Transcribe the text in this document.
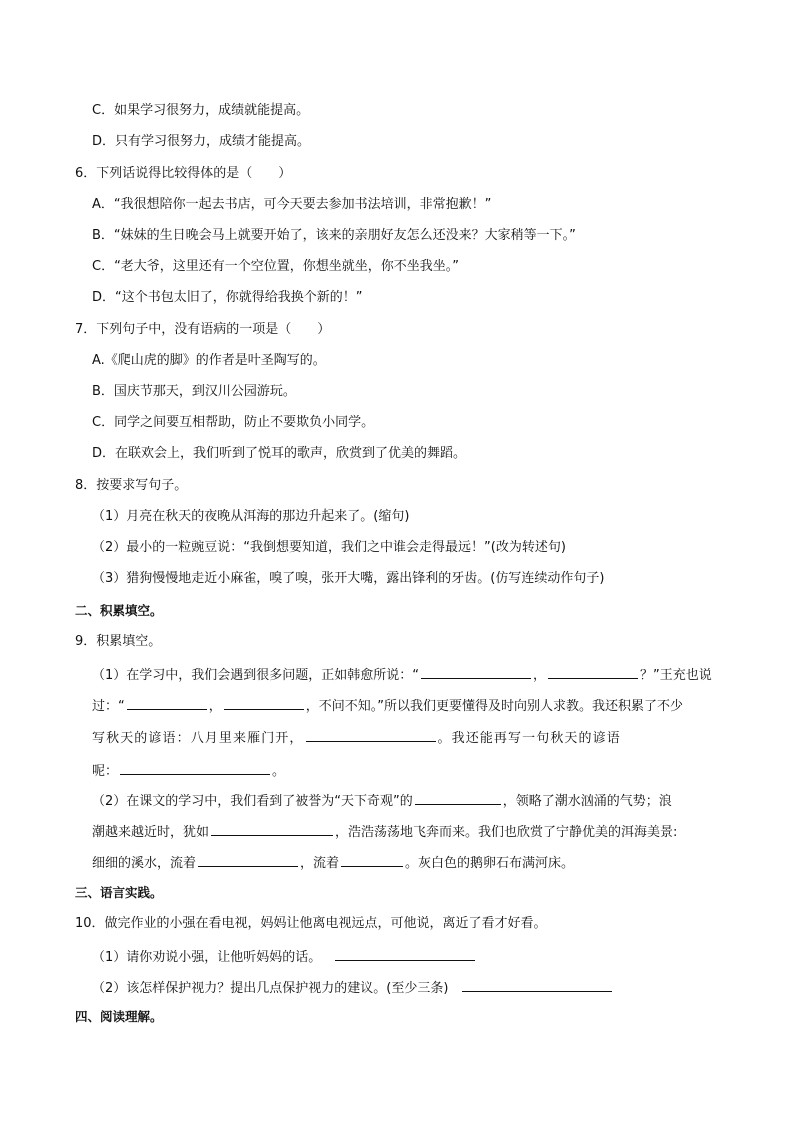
C．如果学习很努力，成绩就能提高。
D．只有学习很努力，成绩才能提高。
6．下列话说得比较得体的是（　　）
A．“我很想陪你一起去书店，可今天要去参加书法培训，非常抱歉！”
B．“妹妹的生日晚会马上就要开始了，该来的亲朋好友怎么还没来？大家稍等一下。”
C．“老大爷，这里还有一个空位置，你想坐就坐，你不坐我坐。”
D．“这个书包太旧了，你就得给我换个新的！”
7．下列句子中，没有语病的一项是（　　）
A.《爬山虎的脚》的作者是叶圣陶写的。
B．国庆节那天，到汉川公园游玩。
C．同学之间要互相帮助，防止不要欺负小同学。
D．在联欢会上，我们听到了悦耳的歌声，欣赏到了优美的舞蹈。
8．按要求写句子。
（1）月亮在秋天的夜晚从洱海的那边升起来了。(缩句)
（2）最小的一粒豌豆说：“我倒想要知道，我们之中谁会走得最远！”(改为转述句)
（3）猎狗慢慢地走近小麻雀，嗅了嗅，张开大嘴，露出锋利的牙齿。(仿写连续动作句子)
二、积累填空。
9．积累填空。
（1）在学习中，我们会遇到很多问题，正如韩愈所说：“	，	？”王充也说
过：“	，	，不问不知。”所以我们更要懂得及时向别人求教。我还积累了不少
写秋天的谚语：八月里来雁门开，	。我还能再写一句秋天的谚语
呢：	。
（2）在课文的学习中，我们看到了被誉为“天下奇观”的	，领略了潮水汹涌的气势；浪
潮越来越近时，犹如	，浩浩荡荡地飞奔而来。我们也欣赏了宁静优美的洱海美景:
细细的溪水，流着	，流着	。灰白色的鹅卵石布满河床。
三、语言实践。
10．做完作业的小强在看电视，妈妈让他离电视远点，可他说，离近了看才好看。
（1）请你劝说小强，让他听妈妈的话。
（2）该怎样保护视力？提出几点保护视力的建议。(至少三条)
四、阅读理解。
